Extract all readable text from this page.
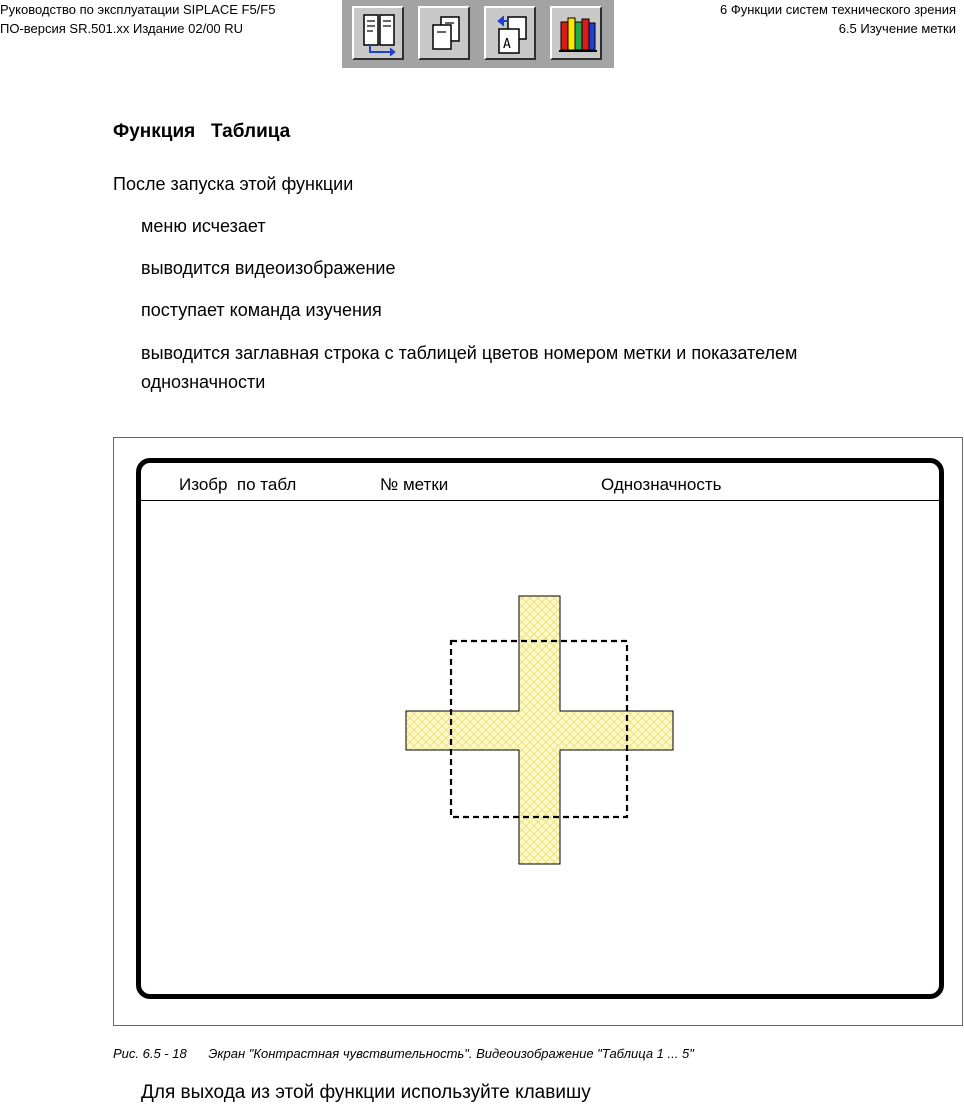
Руководство по эксплуатации SIPLACE F5/F5
ПО-версия SR.501.xx Издание 02/00 RU
6 Функции систем технического зрения
6.5 Изучение метки
A
Функция   Таблица
После запуска этой функции
меню исчезает
выводится видеоизображение
поступает команда изучения
выводится заглавная строка с таблицей цветов номером метки и показателем однозначности
Изобр  по табл	№ метки	Однозначность
Рис. 6.5 - 18      Экран "Контрастная чувствительность". Видеоизображение "Таблица 1 ... 5"
Для выхода из этой функции используйте клавишу
